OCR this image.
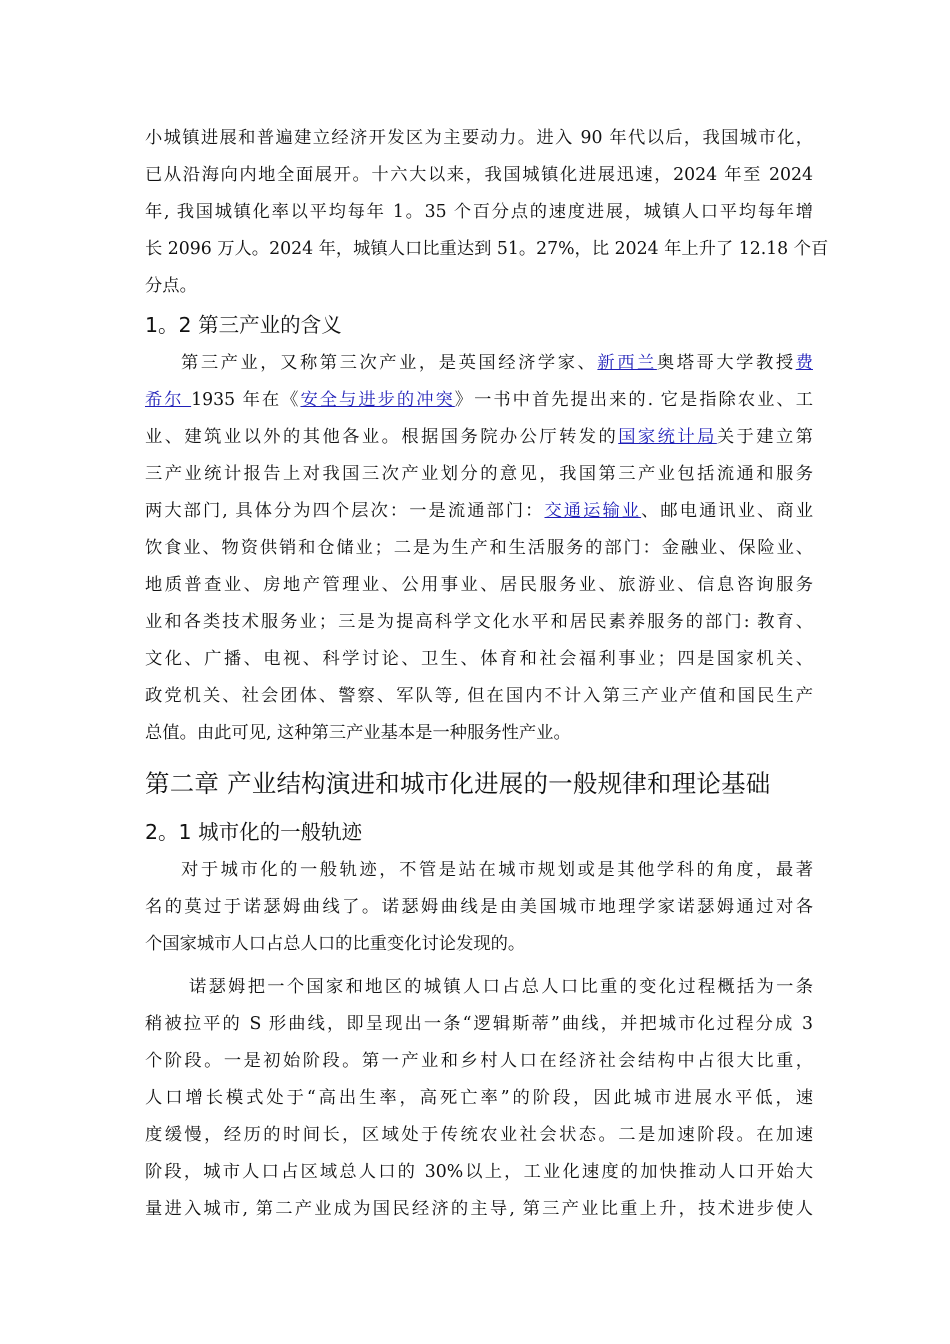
小城镇进展和普遍建立经济开发区为主要动力。进入 90 年代以后，我国城市化，

已从沿海向内地全面展开。十六大以来，我国城镇化进展迅速，2024 年至 2024

年, 我国城镇化率以平均每年 1。35 个百分点的速度进展，城镇人口平均每年增

长 2096 万人。2024 年，城镇人口比重达到 51。27%，比 2024 年上升了 12.18 个百

分点。

1。2 第三产业的含义

第三产业，又称第三次产业，是英国经济学家、新西兰奥塔哥大学教授费

希尔 1935 年在《安全与进步的冲突》一书中首先提出来的. 它是指除农业、工

业、建筑业以外的其他各业。根据国务院办公厅转发的国家统计局关于建立第

三产业统计报告上对我国三次产业划分的意见，我国第三产业包括流通和服务

两大部门, 具体分为四个层次：一是流通部门：交通运输业、邮电通讯业、商业

饮食业、物资供销和仓储业；二是为生产和生活服务的部门：金融业、保险业、

地质普查业、房地产管理业、公用事业、居民服务业、旅游业、信息咨询服务

业和各类技术服务业；三是为提高科学文化水平和居民素养服务的部门: 教育、

文化、广播、电视、科学讨论、卫生、体育和社会福利事业；四是国家机关、

政党机关、社会团体、警察、军队等, 但在国内不计入第三产业产值和国民生产

总值。由此可见, 这种第三产业基本是一种服务性产业。

第二章 产业结构演进和城市化进展的一般规律和理论基础
2。1 城市化的一般轨迹

对于城市化的一般轨迹，不管是站在城市规划或是其他学科的角度，最著

名的莫过于诺瑟姆曲线了。诺瑟姆曲线是由美国城市地理学家诺瑟姆通过对各

个国家城市人口占总人口的比重变化讨论发现的。

诺瑟姆把一个国家和地区的城镇人口占总人口比重的变化过程概括为一条

稍被拉平的 S 形曲线，即呈现出一条“逻辑斯蒂”曲线，并把城市化过程分成 3

个阶段。一是初始阶段。第一产业和乡村人口在经济社会结构中占很大比重，

人口增长模式处于“高出生率，高死亡率”的阶段，因此城市进展水平低，速

度缓慢，经历的时间长，区域处于传统农业社会状态。二是加速阶段。在加速

阶段，城市人口占区域总人口的 30%以上，工业化速度的加快推动人口开始大

量进入城市, 第二产业成为国民经济的主导, 第三产业比重上升，技术进步使人
